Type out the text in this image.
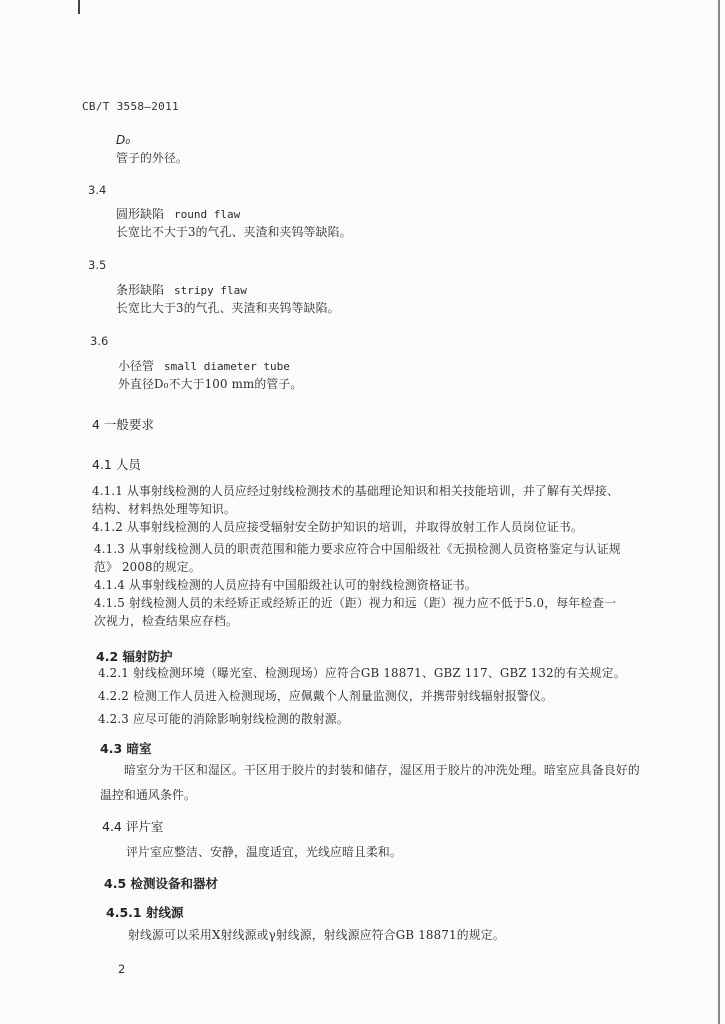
CB/T 3558—2011
D₀
管子的外径。
3.4
圆形缺陷 round flaw
长宽比不大于3的气孔、夹渣和夹钨等缺陷。
3.5
条形缺陷 stripy flaw
长宽比大于3的气孔、夹渣和夹钨等缺陷。
3.6
小径管 small diameter tube
外直径D₀不大于100 mm的管子。
4 一般要求
4.1 人员
4.1.1 从事射线检测的人员应经过射线检测技术的基础理论知识和相关技能培训，并了解有关焊接、
结构、材料热处理等知识。
4.1.2 从事射线检测的人员应接受辐射安全防护知识的培训，并取得放射工作人员岗位证书。
4.1.3 从事射线检测人员的职责范围和能力要求应符合中国船级社《无损检测人员资格鉴定与认证规
范》 2008的规定。
4.1.4 从事射线检测的人员应持有中国船级社认可的射线检测资格证书。
4.1.5 射线检测人员的未经矫正或经矫正的近（距）视力和远（距）视力应不低于5.0，每年检查一
次视力，检查结果应存档。
4.2 辐射防护
4.2.1 射线检测环境（曝光室、检测现场）应符合GB 18871、GBZ 117、GBZ 132的有关规定。
4.2.2 检测工作人员进入检测现场，应佩戴个人剂量监测仪，并携带射线辐射报警仪。
4.2.3 应尽可能的消除影响射线检测的散射源。
4.3 暗室
暗室分为干区和湿区。干区用于胶片的封装和储存，湿区用于胶片的冲洗处理。暗室应具备良好的
温控和通风条件。
4.4 评片室
评片室应整洁、安静，温度适宜，光线应暗且柔和。
4.5 检测设备和器材
4.5.1 射线源
射线源可以采用X射线源或γ射线源，射线源应符合GB 18871的规定。
2
